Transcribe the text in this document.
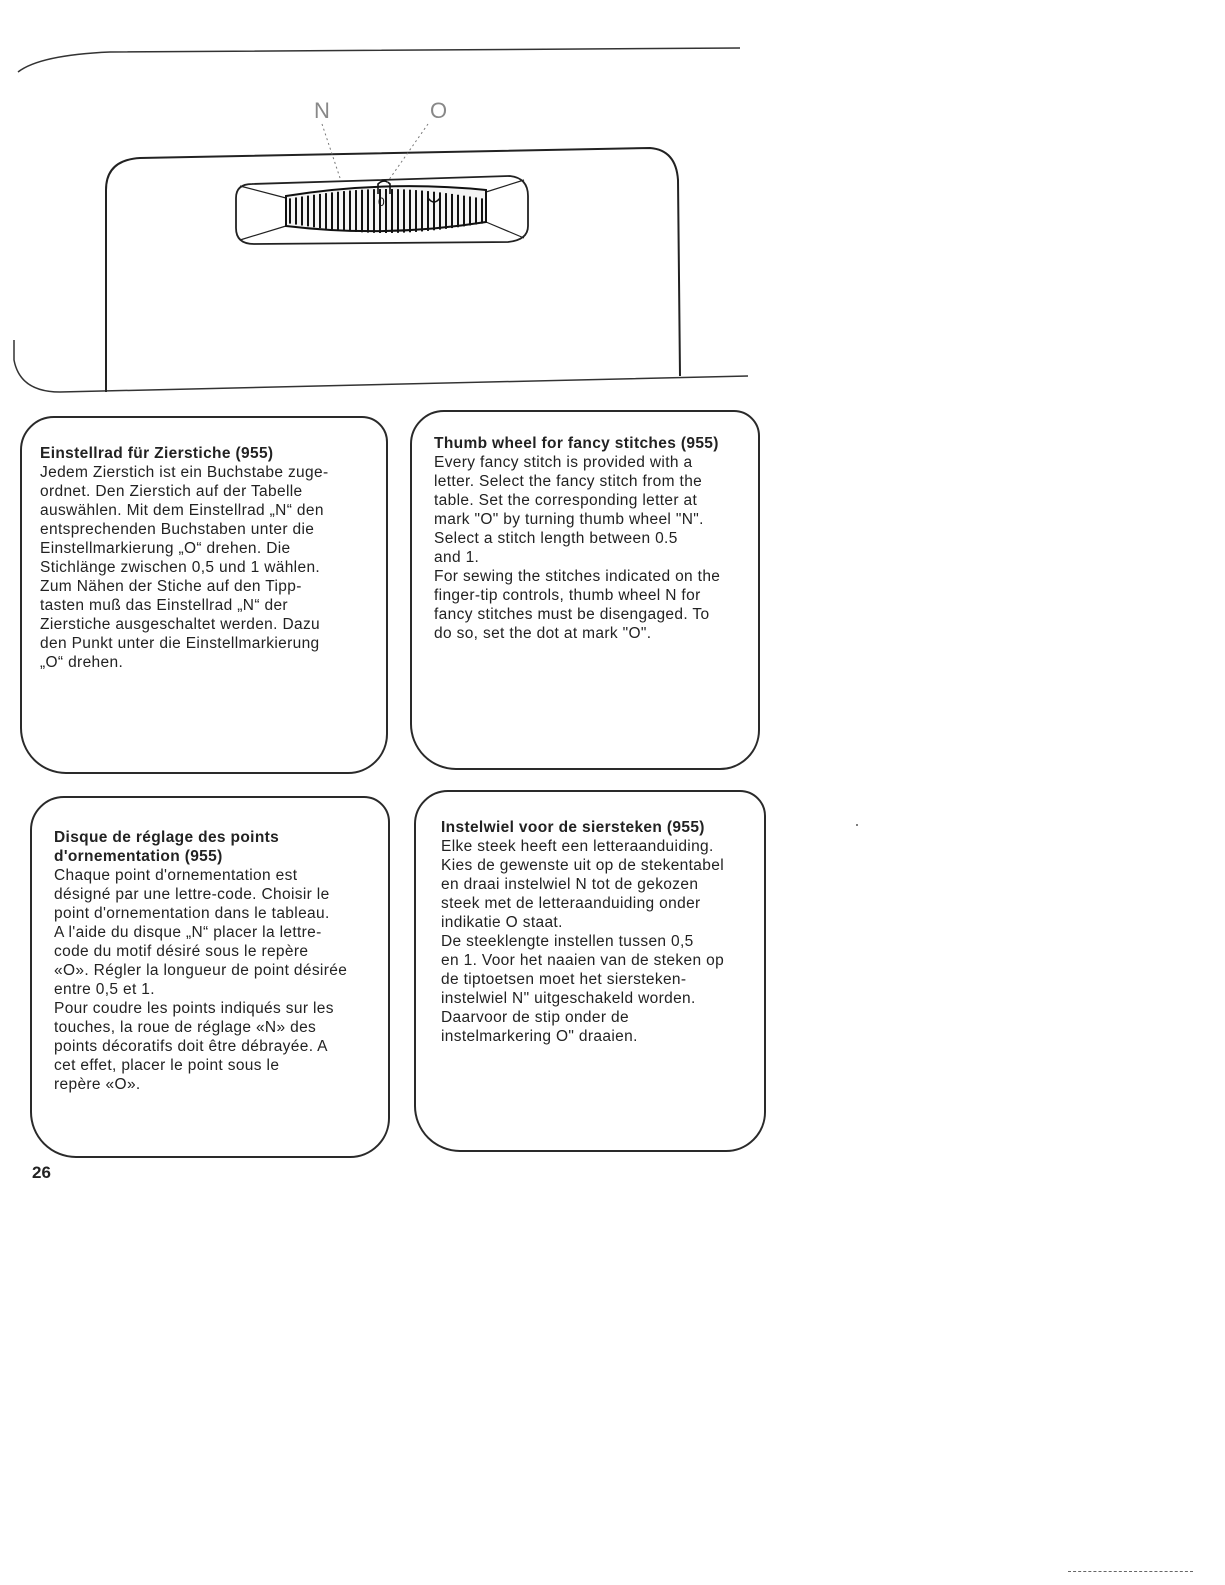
0
N	O
Einstellrad für Zierstiche (955)
Jedem Zierstich ist ein Buchstabe zuge-
ordnet. Den Zierstich auf der Tabelle
auswählen. Mit dem Einstellrad „N“ den
entsprechenden Buchstaben unter die
Einstellmarkierung „O“ drehen. Die
Stichlänge zwischen 0,5 und 1 wählen.
Zum Nähen der Stiche auf den Tipp-
tasten muß das Einstellrad „N“ der
Zierstiche ausgeschaltet werden. Dazu
den Punkt unter die Einstellmarkierung
„O“ drehen.
Thumb wheel for fancy stitches (955)
Every fancy stitch is provided with a
letter. Select the fancy stitch from the
table. Set the corresponding letter at
mark "O" by turning thumb wheel "N".
Select a stitch length between 0.5
and 1.
For sewing the stitches indicated on the
finger-tip controls, thumb wheel N for
fancy stitches must be disengaged. To
do so, set the dot at mark "O".
Disque de réglage des points
d'ornementation (955)
Chaque point d'ornementation est
désigné par une lettre-code. Choisir le
point d'ornementation dans le tableau.
A l'aide du disque „N“ placer la lettre-
code du motif désiré sous le repère
«O». Régler la longueur de point désirée
entre 0,5 et 1.
Pour coudre les points indiqués sur les
touches, la roue de réglage «N» des
points décoratifs doit être débrayée. A
cet effet, placer le point sous le
repère «O».
Instelwiel voor de siersteken (955)
Elke steek heeft een letteraanduiding.
Kies de gewenste uit op de stekentabel
en draai instelwiel N tot de gekozen
steek met de letteraanduiding onder
indikatie O staat.
De steeklengte instellen tussen 0,5
en 1. Voor het naaien van de steken op
de tiptoetsen moet het siersteken-
instelwiel N" uitgeschakeld worden.
Daarvoor de stip onder de
instelmarkering O" draaien.
26
